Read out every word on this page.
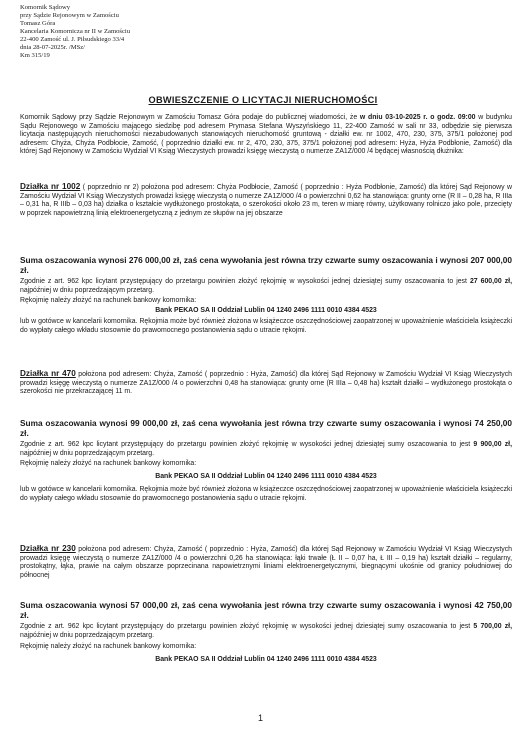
Komornik Sądowy
przy Sądzie Rejonowym w Zamościu
Tomasz Góra
Kancelaria Komornicza nr II w Zamościu
22-400 Zamość ul. J. Piłsudskiego 33/4
dnia 28-07-2025r. /MSz/
Km 315/19
OBWIESZCZENIE O LICYTACJI NIERUCHOMOŚCI
Komornik Sądowy przy Sądzie Rejonowym w Zamościu Tomasz Góra podaje do publicznej wiadomości, że w dniu 03-10-2025 r. o godz. 09:00 w budynku Sądu Rejonowego w Zamościu mającego siedzibę pod adresem Prymasa Stefana Wyszyńskiego 11, 22-400 Zamość w sali nr 33, odbędzie się pierwsza licytacja następujących nieruchomości niezabudowanych stanowiących nieruchomość gruntową - działki ew. nr 1002, 470, 230, 375, 375/1 położonej pod adresem: Chyża, Chyża Podbłocie, Zamość, ( poprzednio działki ew. nr 2, 470, 230, 375, 375/1 położonej pod adresem: Hyża, Hyża Podbłonie, Zamość) dla której Sąd Rejonowy w Zamościu Wydział VI Ksiąg Wieczystych prowadzi księgę wieczystą o numerze ZA1Z/000 /4 będącej własnością dłużnika:
Działka nr 1002 ( poprzednio nr 2) położona pod adresem: Chyża Podbłocie, Zamość ( poprzednio : Hyża Podbłonie, Zamość) dla której Sąd Rejonowy w Zamościu Wydział VI Ksiąg Wieczystych prowadzi księgę wieczystą o numerze ZA1Z/000 /4 o powierzchni 0,62 ha stanowiąca: grunty orne (R II – 0,28 ha, R IIIa – 0,31 ha, R IIIb – 0,03 ha) działka o kształcie wydłużonego prostokąta, o szerokości około 23 m, teren w miarę równy, użytkowany rolniczo jako pole, przecięty w poprzek napowietrzną linią elektroenergetyczną z jednym ze słupów na jej obszarze
Suma oszacowania wynosi 276 000,00 zł, zaś cena wywołania jest równa trzy czwarte sumy oszacowania i wynosi 207 000,00 zł.
Zgodnie z art. 962 kpc licytant przystępujący do przetargu powinien złożyć rękojmię w wysokości jednej dziesiątej sumy oszacowania to jest 27 600,00 zł, najpóźniej w dniu poprzedzającym przetarg.
Rękojmię należy złożyć na rachunek bankowy komornika:
Bank PEKAO SA II Oddział Lublin 04 1240 2496 1111 0010 4384 4523
lub w gotówce w kancelarii komornika. Rękojmia może być również złożona w książeczce oszczędnościowej zaopatrzonej w upoważnienie właściciela książeczki do wypłaty całego wkładu stosownie do prawomocnego postanowienia sądu o utracie rękojmi.
Działka nr 470 położona pod adresem: Chyża, Zamość ( poprzednio : Hyża, Zamość) dla której Sąd Rejonowy w Zamościu Wydział VI Ksiąg Wieczystych prowadzi księgę wieczystą o numerze ZA1Z/000 /4 o powierzchni 0,48 ha stanowiąca: grunty orne (R IIIa – 0,48 ha) kształt działki – wydłużonego prostokąta o szerokości nie przekraczającej 11 m.
Suma oszacowania wynosi 99 000,00 zł, zaś cena wywołania jest równa trzy czwarte sumy oszacowania i wynosi 74 250,00 zł.
Zgodnie z art. 962 kpc licytant przystępujący do przetargu powinien złożyć rękojmię w wysokości jednej dziesiątej sumy oszacowania to jest 9 900,00 zł, najpóźniej w dniu poprzedzającym przetarg.
Rękojmię należy złożyć na rachunek bankowy komornika:
Bank PEKAO SA II Oddział Lublin 04 1240 2496 1111 0010 4384 4523
lub w gotówce w kancelarii komornika. Rękojmia może być również złożona w książeczce oszczędnościowej zaopatrzonej w upoważnienie właściciela książeczki do wypłaty całego wkładu stosownie do prawomocnego postanowienia sądu o utracie rękojmi.
Działka nr 230 położona pod adresem: Chyża, Zamość ( poprzednio : Hyża, Zamość) dla której Sąd Rejonowy w Zamościu Wydział VI Ksiąg Wieczystych prowadzi księgę wieczystą o numerze ZA1Z/000 /4 o powierzchni 0,26 ha stanowiąca: łąki trwałe (Ł II – 0,07 ha, Ł III – 0,19 ha) kształt działki – regularny, prostokątny, łąka, prawie na całym obszarze poprzecinana napowietrznymi liniami elektroenergetycznymi, biegnącymi ukośnie od granicy południowej do północnej
Suma oszacowania wynosi 57 000,00 zł, zaś cena wywołania jest równa trzy czwarte sumy oszacowania i wynosi 42 750,00 zł.
Zgodnie z art. 962 kpc licytant przystępujący do przetargu powinien złożyć rękojmię w wysokości jednej dziesiątej sumy oszacowania to jest 5 700,00 zł, najpóźniej w dniu poprzedzającym przetarg.
Rękojmię należy złożyć na rachunek bankowy komornika:
Bank PEKAO SA II Oddział Lublin 04 1240 2496 1111 0010 4384 4523
1
